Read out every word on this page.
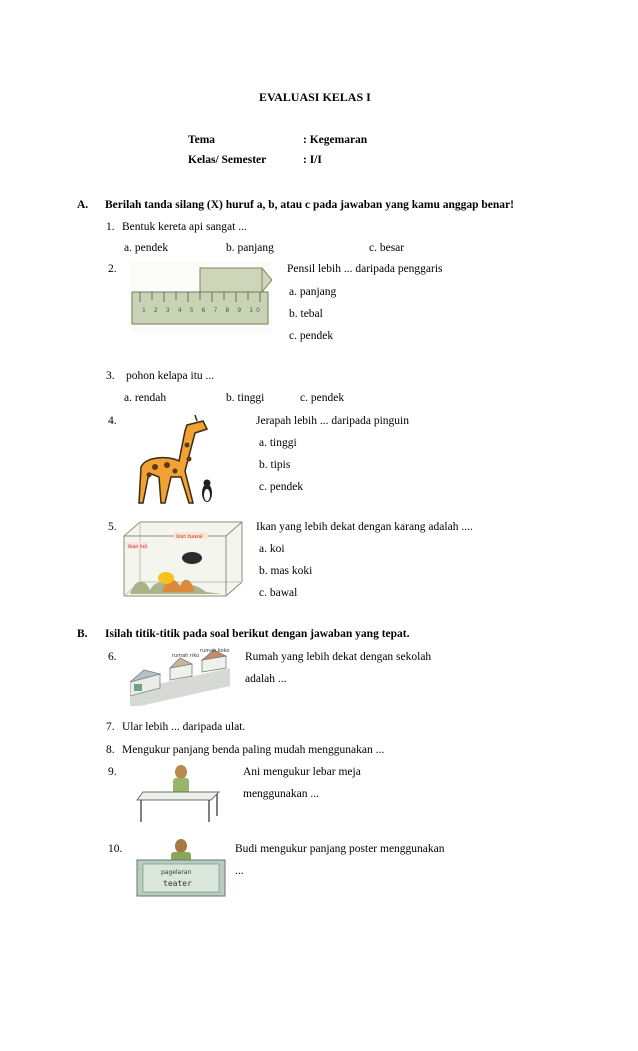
EVALUASI KELAS I
Tema	: Kegemaran
Kelas/ Semester	: I/I
A. Berilah tanda silang (X) huruf a, b, atau c pada jawaban yang kamu anggap benar!
1. Bentuk kereta api sangat ...
a. pendek	b. panjang	c. besar
2.
1 2 3 4 5 6 7 8 9 10
Pensil lebih ... daripada penggaris
a. panjang
b. tebal
c. pendek
3. pohon kelapa itu ...
a. rendah	b. tinggi	c. pendek
4.	Jerapah lebih ... daripada pinguin
a. tinggi
b. tipis
c. pendek
5.
ikan bawal
ikan koi
Ikan yang lebih dekat dengan karang adalah ....
a. koi
b. mas koki
c. bawal
B. Isilah titik-titik pada soal berikut dengan jawaban yang tepat.
6.	rumah riko
rumah koko Rumah yang lebih dekat dengan sekolah
adalah ...
7. Ular lebih ... daripada ulat.
8. Mengukur panjang benda paling mudah menggunakan ...
9.	Ani mengukur lebar meja
menggunakan ...
10.
pagelaran
teater
Budi mengukur panjang poster menggunakan
...
